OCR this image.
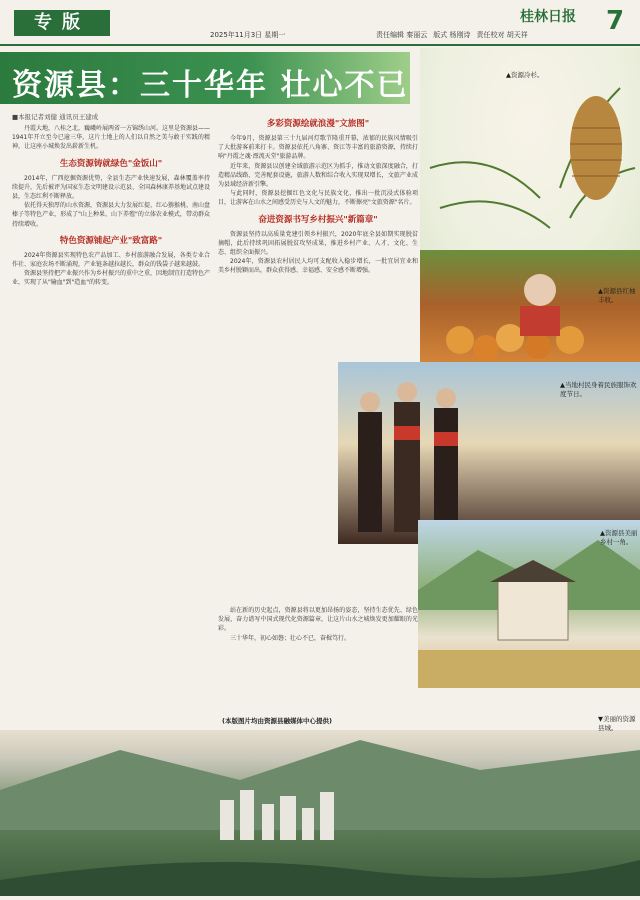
专版
2025年11月3日 星期一	责任编辑 秦丽云 版式 杨刚诗 责任校对 胡天祥
桂林日报 7
资源县：三十华年 壮心不已
■本报记者刘健 通讯员王建成

丹霞大地，八桂之北，巍峨岭展两省一方锦绣山河。这里是资源县——1941年开立至今已逾三华，这片土地上的人们以自然之美与敢于实践的精神，让这座小城焕发出崭新生机。

生态资源铸就绿色"金饭山"

2014年，广西挖掘资源优势，全县生态产业快速发展，森林覆盖率持续提升，先后被评为国家生态文明建设示范县、全国森林康养基地试点建设县，生态红利不断释放。

依托得天独厚的山水资源，资源县大力发展红提、红心猕猴桃、南山盘榛子等特色产业，形成了"山上种果、山下养殖"的立体农业模式，带动群众持续增收。

特色资源铺起产业"致富路"

2024年资源县实现特色农产品加工、乡村旅游融合发展，各类专业合作社、家庭农场不断涌现，产业链条越拉越长，群众的钱袋子越来越鼓。

资源县坚持把产业振兴作为乡村振兴的重中之重，因地制宜打造特色产业，实现了从"输血"到"造血"的转变。

多彩资源绘就浪漫"文旅图"

今年9月，资源县第三十九届河灯歌节隆重开幕，浓郁的民族风情吸引了大批游客前来打卡。资源县依托八角寨、资江等丰富的旅游资源，持续打响"丹霞之魂·漂流天堂"旅游品牌。

近年来，资源县以创建全域旅游示范区为抓手，推动文旅深度融合，打造精品线路，完善配套设施，旅游人数和综合收入实现双增长，文旅产业成为县域经济新引擎。

与此同时，资源县挖掘红色文化与民族文化，推出一批沉浸式体验项目，让游客在山水之间感受历史与人文的魅力，不断擦亮"文旅资源"名片。

奋进资源书写乡村振兴"新篇章"

资源县坚持以高质量党建引领乡村振兴，2020年底全县如期实现脱贫摘帽，此后持续巩固拓展脱贫攻坚成果，推进乡村产业、人才、文化、生态、组织全面振兴。

2024年，资源县农村居民人均可支配收入稳步增长，一批宜居宜业和美乡村脱颖而出，群众获得感、幸福感、安全感不断增强。

站在新的历史起点，资源县将以更加昂扬的姿态，坚持生态优先、绿色发展，奋力谱写中国式现代化资源篇章，让这片山水之城焕发更加耀眼的光彩。

三十华年，初心如磐；壮心不已，奋楫笃行。

▲资源冷杉。
▲资源县红柚丰收。
▲当地村民身着民族服饰欢度节日。
▲资源县美丽乡村一角。
(本版图片均由资源县融媒体中心提供)	▼美丽的资源县城。
